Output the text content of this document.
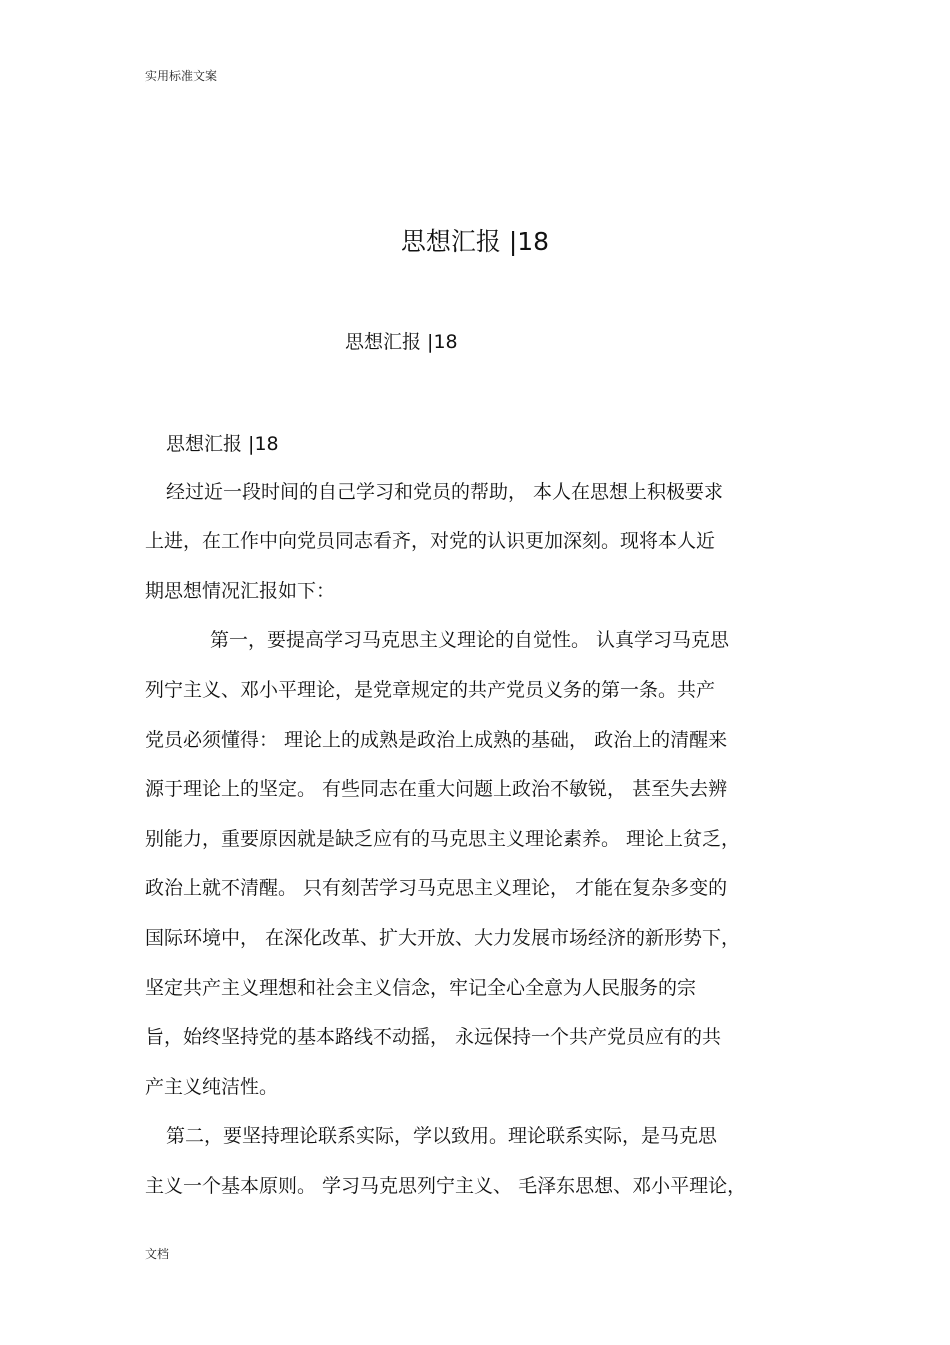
实用标准文案
思想汇报 |18
思想汇报 |18
思想汇报 |18
经过近一段时间的自己学习和党员的帮助， 本人在思想上积极要求
上进，在工作中向党员同志看齐，对党的认识更加深刻。现将本人近
期思想情况汇报如下：
第一，要提高学习马克思主义理论的自觉性。 认真学习马克思
列宁主义、邓小平理论，是党章规定的共产党员义务的第一条。共产
党员必须懂得： 理论上的成熟是政治上成熟的基础， 政治上的清醒来
源于理论上的坚定。 有些同志在重大问题上政治不敏锐， 甚至失去辨
别能力，重要原因就是缺乏应有的马克思主义理论素养。 理论上贫乏，
政治上就不清醒。 只有刻苦学习马克思主义理论， 才能在复杂多变的
国际环境中， 在深化改革、扩大开放、大力发展市场经济的新形势下，
坚定共产主义理想和社会主义信念，牢记全心全意为人民服务的宗
旨，始终坚持党的基本路线不动摇， 永远保持一个共产党员应有的共
产主义纯洁性。
第二，要坚持理论联系实际，学以致用。理论联系实际，是马克思
主义一个基本原则。 学习马克思列宁主义、 毛泽东思想、邓小平理论，
文档
